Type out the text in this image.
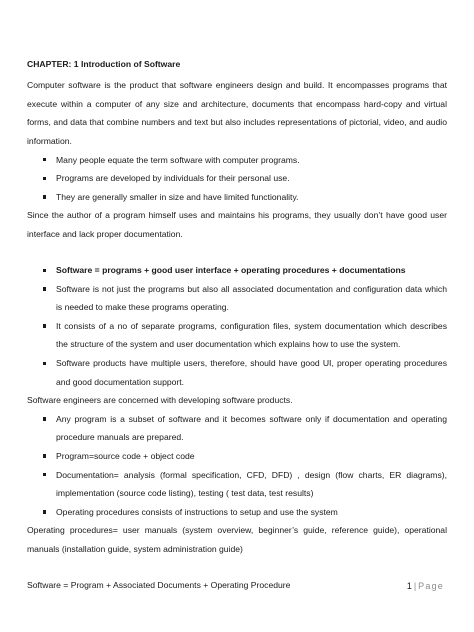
CHAPTER: 1 Introduction of Software

Computer software is the product that software engineers design and build. It encompasses programs that execute within a computer of any size and architecture, documents that encompass hard-copy and virtual forms, and data that combine numbers and text but also includes representations of pictorial, video, and audio information.

Many people equate the term software with computer programs.
Programs are developed by individuals for their personal use.
They are generally smaller in size and have limited functionality.

Since the author of a program himself uses and maintains his programs, they usually don’t have good user interface and lack proper documentation.

Software = programs + good user interface + operating procedures + documentations
Software is not just the programs but also all associated documentation and configuration data which is needed to make these programs operating.
It consists of a no of separate programs, configuration files, system documentation which describes the structure of the system and user documentation which explains how to use the system.
Software products have multiple users, therefore, should have good UI, proper operating procedures and good documentation support.

Software engineers are concerned with developing software products.

Any program is a subset of software and it becomes software only if documentation and operating procedure manuals are prepared.
Program=source code + object code
Documentation= analysis (formal specification, CFD, DFD) , design (flow charts, ER diagrams), implementation (source code listing), testing ( test data, test results)
Operating procedures consists of instructions to setup and use the system

Operating procedures= user manuals (system overview, beginner’s guide, reference guide), operational manuals (installation guide, system administration guide)

Software = Program + Associated Documents + Operating Procedure	1 | Page
